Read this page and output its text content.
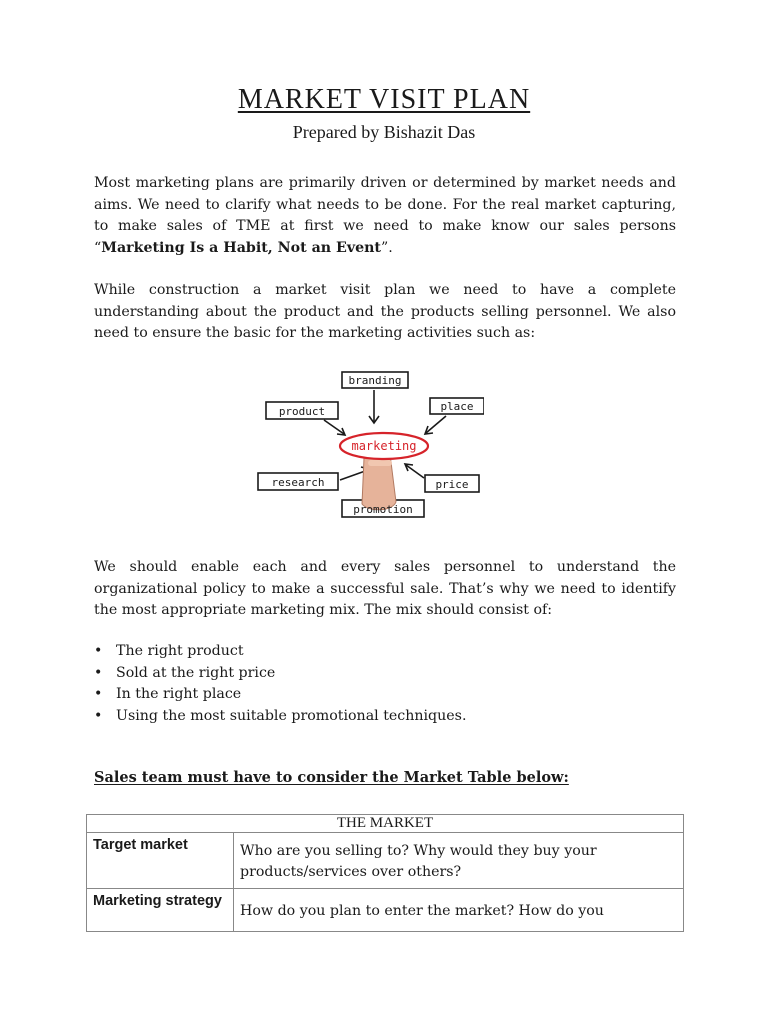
MARKET VISIT PLAN
Prepared by Bishazit Das

Most marketing plans are primarily driven or determined by market needs and aims. We need to clarify what needs to be done. For the real market capturing, to make sales of TME at first we need to make know our sales persons “Marketing Is a Habit, Not an Event”.

While construction a market visit plan we need to have a complete understanding about the product and the products selling personnel. We also need to ensure the basic for the marketing activities such as:

marketing
branding
product	place
research	price
promotion

We should enable each and every sales personnel to understand the organizational policy to make a successful sale. That’s why we need to identify the most appropriate marketing mix. The mix should consist of:

• The right product
• Sold at the right price
• In the right place
• Using the most suitable promotional techniques.
Sales team must have to consider the Market Table below:
THE MARKET	
Target market	Who are you selling to? Why would they buy your products/services over others?
Marketing strategy	How do you plan to enter the market? How do you
